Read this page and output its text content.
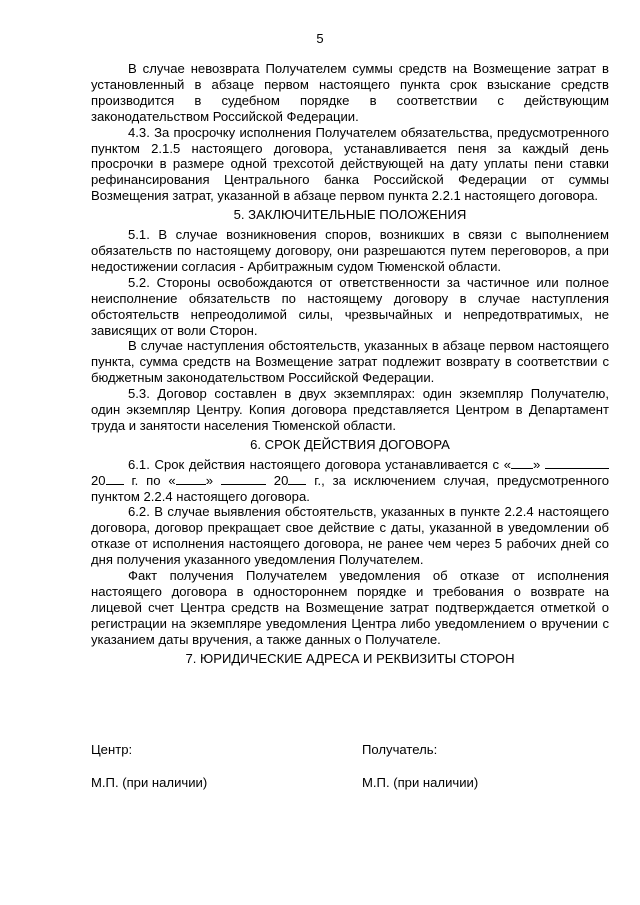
5

В случае невозврата Получателем суммы средств на Возмещение затрат в установленный в абзаце первом настоящего пункта срок взыскание средств производится в судебном порядке в соответствии с действующим законодательством Российской Федерации.

4.3. За просрочку исполнения Получателем обязательства, предусмотренного пунктом 2.1.5 настоящего договора, устанавливается пеня за каждый день просрочки в размере одной трехсотой действующей на дату уплаты пени ставки рефинансирования Центрального банка Российской Федерации от суммы Возмещения затрат, указанной в абзаце первом пункта 2.2.1 настоящего договора.

5. ЗАКЛЮЧИТЕЛЬНЫЕ ПОЛОЖЕНИЯ

5.1. В случае возникновения споров, возникших в связи с выполнением обязательств по настоящему договору, они разрешаются путем переговоров, а при недостижении согласия - Арбитражным судом Тюменской области.

5.2. Стороны освобождаются от ответственности за частичное или полное неисполнение обязательств по настоящему договору в случае наступления обстоятельств непреодолимой силы, чрезвычайных и непредотвратимых, не зависящих от воли Сторон.

В случае наступления обстоятельств, указанных в абзаце первом настоящего пункта, сумма средств на Возмещение затрат подлежит возврату в соответствии с бюджетным законодательством Российской Федерации.

5.3. Договор составлен в двух экземплярах: один экземпляр Получателю, один экземпляр Центру. Копия договора представляется Центром в Департамент труда и занятости населения Тюменской области.

6. СРОК ДЕЙСТВИЯ ДОГОВОРА

6.1. Срок действия настоящего договора устанавливается с « »  20 г. по « »	20 г., за исключением случая, предусмотренного пунктом 2.2.4 настоящего договора.

6.2. В случае выявления обстоятельств, указанных в пункте 2.2.4 настоящего договора, договор прекращает свое действие с даты, указанной в уведомлении об отказе от исполнения настоящего договора, не ранее чем через 5 рабочих дней со дня получения указанного уведомления Получателем.

Факт получения Получателем уведомления об отказе от исполнения настоящего договора в одностороннем порядке и требования о возврате на лицевой счет Центра средств на Возмещение затрат подтверждается отметкой о регистрации на экземпляре уведомления Центра либо уведомлением о вручении с указанием даты вручения, а также данных о Получателе.

7. ЮРИДИЧЕСКИЕ АДРЕСА И РЕКВИЗИТЫ СТОРОН
Центр:	Получатель:
М.П. (при наличии)	М.П. (при наличии)
